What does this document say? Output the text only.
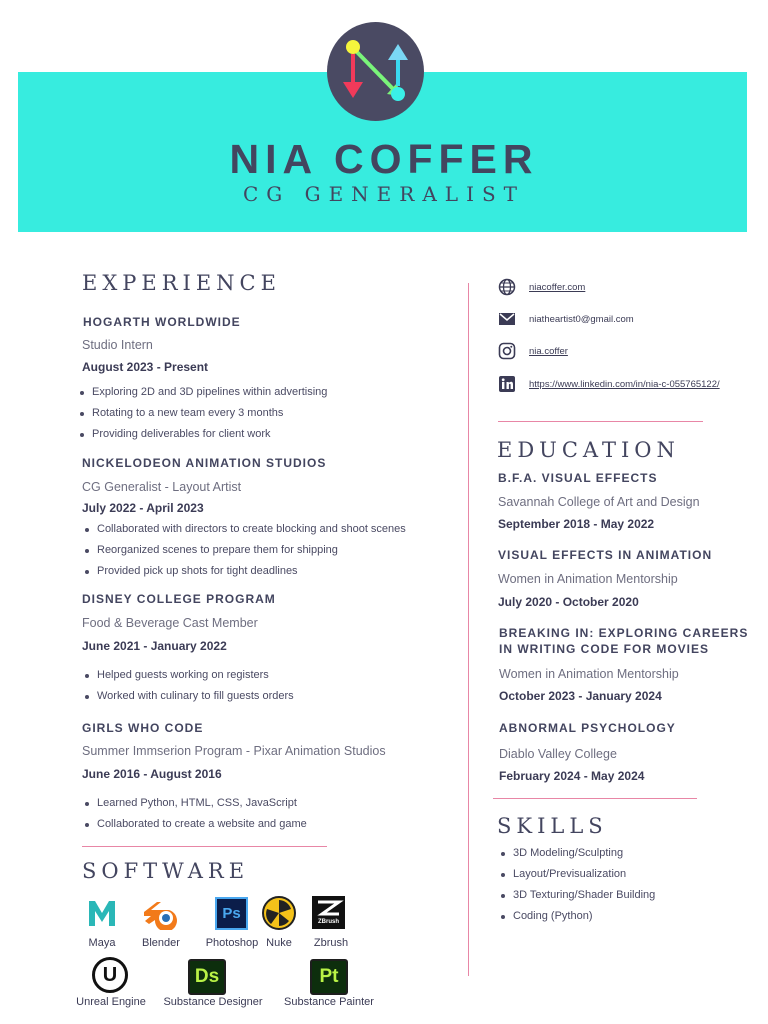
NIA COFFER
CG GENERALIST
EXPERIENCE
HOGARTH WORLDWIDE
Studio Intern
August 2023 - Present
Exploring 2D and 3D pipelines within advertising
Rotating to a new team every 3 months
Providing deliverables for client work
NICKELODEON ANIMATION STUDIOS
CG Generalist - Layout Artist
July 2022 - April 2023
Collaborated with directors to create blocking and shoot scenes
Reorganized scenes to prepare them for shipping
Provided pick up shots for tight deadlines
DISNEY COLLEGE PROGRAM
Food & Beverage Cast Member
June 2021 - January 2022
Helped guests working on registers
Worked with culinary to fill guests orders
GIRLS WHO CODE
Summer Immserion Program - Pixar Animation Studios
June 2016 - August 2016
Learned Python, HTML, CSS, JavaScript
Collaborated to create a website and game
SOFTWARE
Maya	Blender
Ps
Photoshop Nuke
ZBrush
Zbrush
U
Unreal Engine
Ds
Substance Designer
Pt
Substance Painter
niacoffer.com
niatheartist0@gmail.com
nia.coffer
https://www.linkedin.com/in/nia-c-055765122/
EDUCATION
B.F.A. VISUAL EFFECTS
Savannah College of Art and Design
September 2018 - May 2022
VISUAL EFFECTS IN ANIMATION
Women in Animation Mentorship
July 2020 - October 2020
BREAKING IN: EXPLORING CAREERS IN WRITING CODE FOR MOVIES
Women in Animation Mentorship
October 2023 - January 2024
ABNORMAL PSYCHOLOGY
Diablo Valley College
February 2024 - May 2024
SKILLS
3D Modeling/Sculpting
Layout/Previsualization
3D Texturing/Shader Building
Coding (Python)
